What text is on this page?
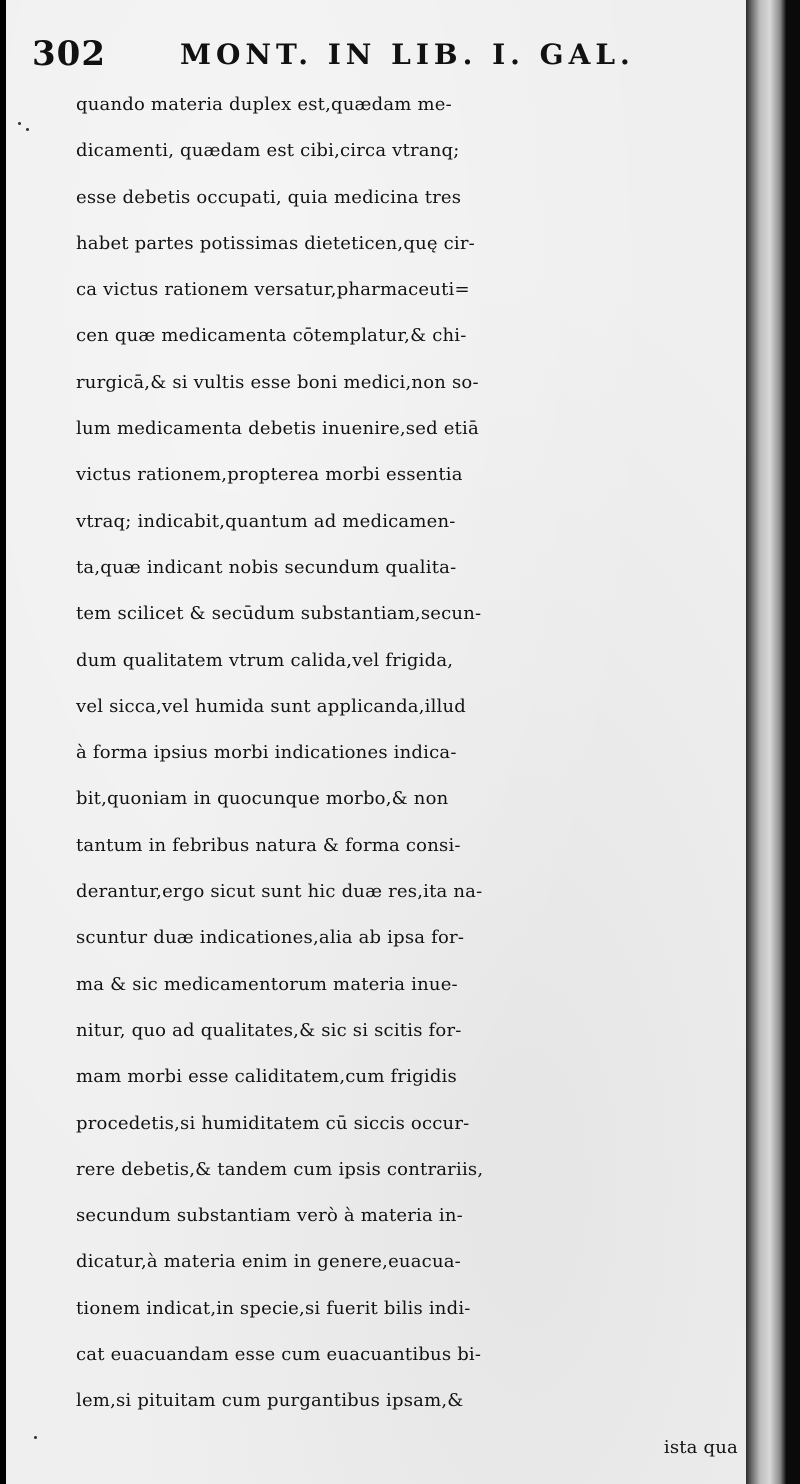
302	MONT. IN LIB. I. GAL.
quando materia duplex est,quædam me-
dicamenti, quædam est cibi,circa vtranq;
esse debetis occupati, quia medicina tres
habet partes potissimas dieteticen,quę cir-
ca victus rationem versatur,pharmaceuti=
cen quæ medicamenta cōtemplatur,& chi-
rurgicā,& si vultis esse boni medici,non so-
lum medicamenta debetis inuenire,sed etiā
victus rationem,propterea morbi essentia
vtraq; indicabit,quantum ad medicamen-
ta,quæ indicant nobis secundum qualita-
tem scilicet & secūdum substantiam,secun-
dum qualitatem vtrum calida,vel frigida,
vel sicca,vel humida sunt applicanda,illud
à forma ipsius morbi indicationes indica-
bit,quoniam in quocunque morbo,& non
tantum in febribus natura & forma consi-
derantur,ergo sicut sunt hic duæ res,ita na-
scuntur duæ indicationes,alia ab ipsa for-
ma & sic medicamentorum materia inue-
nitur, quo ad qualitates,& sic si scitis for-
mam morbi esse caliditatem,cum frigidis
procedetis,si humiditatem cū siccis occur-
rere debetis,& tandem cum ipsis contrariis,
secundum substantiam verò à materia in-
dicatur,à materia enim in genere,euacua-
tionem indicat,in specie,si fuerit bilis indi-
cat euacuandam esse cum euacuantibus bi-
lem,si pituitam cum purgantibus ipsam,&
ista qua
